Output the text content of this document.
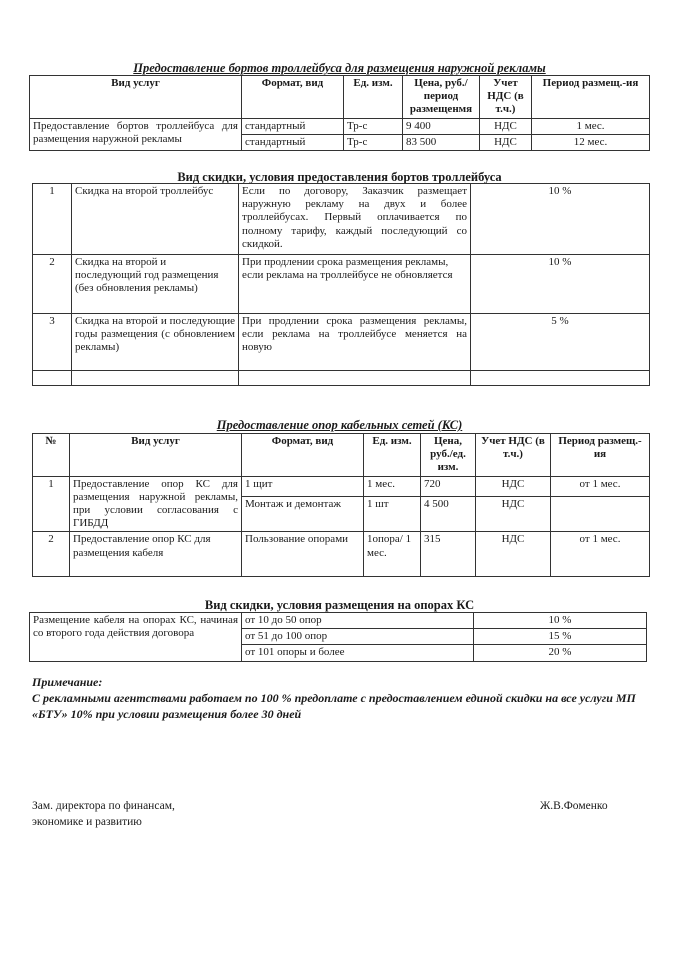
Предоставление бортов троллейбуса для размещения наружной рекламы
Вид услуг	Формат, вид	Ед. изм.	Цена, руб./период размещенмя	Учет НДС (в т.ч.)	Период размещ.-ия
Предоставление бортов троллейбуса для размещения наружной рекламы	стандартный	Тр-с	9 400	НДС	1 мес.
	стандартный	Тр-с	83 500	НДС	12 мес.
Вид скидки, условия предоставления бортов троллейбуса
1	Скидка на второй троллейбус	Если по договору, Заказчик размещает наружную рекламу на двух и более троллейбусах. Первый оплачивается по полному тарифу, каждый последующий со скидкой.	10 %
2	Скидка на второй и последующий год размещения (без обновления рекламы)	При продлении срока размещения рекламы, если реклама на троллейбусе не обновляется	10 %
3	Скидка на второй и последующие годы размещения (с обновлением рекламы)	При продлении срока размещения рекламы, если реклама на троллейбусе меняется на новую	5 %

Предоставление опор кабельных сетей (КС)
№	Вид услуг	Формат, вид	Ед. изм.	Цена, руб./ед. изм.	Учет НДС (в т.ч.)	Период размещ.-ия
1	Предоставление опор КС для размещения наружной рекламы, при условии согласования с ГИБДД	1 щит	1 мес.	720	НДС	от 1 мес.
		Монтаж и демонтаж	1 шт	4 500	НДС	
2	Предоставление опор КС для размещения кабеля	Пользование опорами	1опора/ 1 мес.	315	НДС	от 1 мес.
Вид скидки, условия размещения на опорах КС
Размещение кабеля на опорах КС, начиная со второго года действия договора	от 10 до 50 опор	10 %
	от 51 до 100 опор	15 %
	от 101 опоры и более	20 %
Примечание:
С рекламными агентствами работаем по 100 % предоплате с предоставлением единой скидки на все услуги МП «БТУ» 10% при условии размещения более 30 дней
Зам. директора по финансам,
экономике и развитию
Ж.В.Фоменко
